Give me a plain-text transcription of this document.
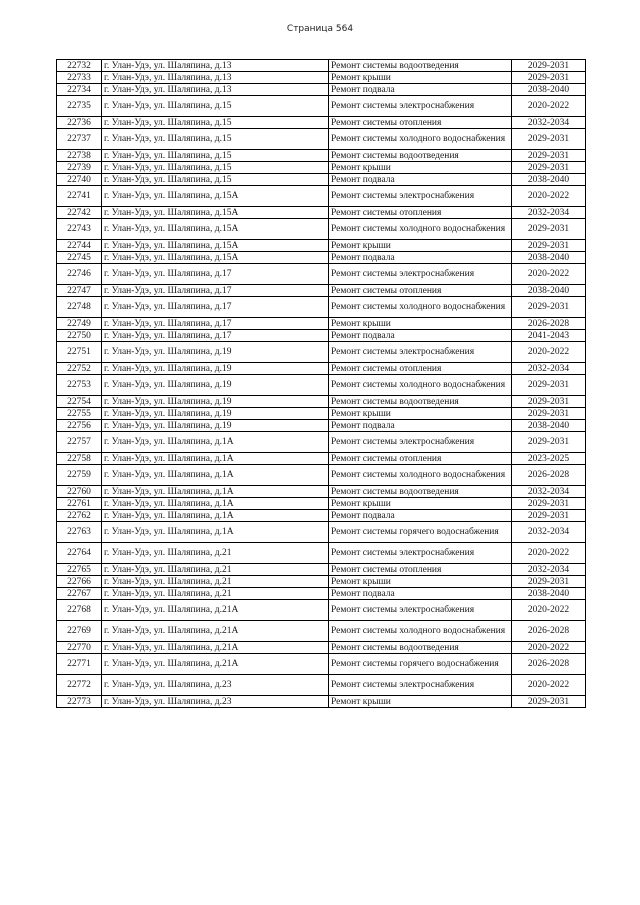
Страница 564
22732	г. Улан-Удэ, ул. Шаляпина, д.13	Ремонт системы водоотведения	2029-2031
22733	г. Улан-Удэ, ул. Шаляпина, д.13	Ремонт крыши	2029-2031
22734	г. Улан-Удэ, ул. Шаляпина, д.13	Ремонт подвала	2038-2040
22735	г. Улан-Удэ, ул. Шаляпина, д.15	Ремонт системы электроснабжения	2020-2022
22736	г. Улан-Удэ, ул. Шаляпина, д.15	Ремонт системы отопления	2032-2034
22737	г. Улан-Удэ, ул. Шаляпина, д.15	Ремонт системы холодного водоснабжения	2029-2031
22738	г. Улан-Удэ, ул. Шаляпина, д.15	Ремонт системы водоотведения	2029-2031
22739	г. Улан-Удэ, ул. Шаляпина, д.15	Ремонт крыши	2029-2031
22740	г. Улан-Удэ, ул. Шаляпина, д.15	Ремонт подвала	2038-2040
22741	г. Улан-Удэ, ул. Шаляпина, д.15А	Ремонт системы электроснабжения	2020-2022
22742	г. Улан-Удэ, ул. Шаляпина, д.15А	Ремонт системы отопления	2032-2034
22743	г. Улан-Удэ, ул. Шаляпина, д.15А	Ремонт системы холодного водоснабжения	2029-2031
22744	г. Улан-Удэ, ул. Шаляпина, д.15А	Ремонт крыши	2029-2031
22745	г. Улан-Удэ, ул. Шаляпина, д.15А	Ремонт подвала	2038-2040
22746	г. Улан-Удэ, ул. Шаляпина, д.17	Ремонт системы электроснабжения	2020-2022
22747	г. Улан-Удэ, ул. Шаляпина, д.17	Ремонт системы отопления	2038-2040
22748	г. Улан-Удэ, ул. Шаляпина, д.17	Ремонт системы холодного водоснабжения	2029-2031
22749	г. Улан-Удэ, ул. Шаляпина, д.17	Ремонт крыши	2026-2028
22750	г. Улан-Удэ, ул. Шаляпина, д.17	Ремонт подвала	2041-2043
22751	г. Улан-Удэ, ул. Шаляпина, д.19	Ремонт системы электроснабжения	2020-2022
22752	г. Улан-Удэ, ул. Шаляпина, д.19	Ремонт системы отопления	2032-2034
22753	г. Улан-Удэ, ул. Шаляпина, д.19	Ремонт системы холодного водоснабжения	2029-2031
22754	г. Улан-Удэ, ул. Шаляпина, д.19	Ремонт системы водоотведения	2029-2031
22755	г. Улан-Удэ, ул. Шаляпина, д.19	Ремонт крыши	2029-2031
22756	г. Улан-Удэ, ул. Шаляпина, д.19	Ремонт подвала	2038-2040
22757	г. Улан-Удэ, ул. Шаляпина, д.1А	Ремонт системы электроснабжения	2029-2031
22758	г. Улан-Удэ, ул. Шаляпина, д.1А	Ремонт системы отопления	2023-2025
22759	г. Улан-Удэ, ул. Шаляпина, д.1А	Ремонт системы холодного водоснабжения	2026-2028
22760	г. Улан-Удэ, ул. Шаляпина, д.1А	Ремонт системы водоотведения	2032-2034
22761	г. Улан-Удэ, ул. Шаляпина, д.1А	Ремонт крыши	2029-2031
22762	г. Улан-Удэ, ул. Шаляпина, д.1А	Ремонт подвала	2029-2031
22763	г. Улан-Удэ, ул. Шаляпина, д.1А	Ремонт системы горячего водоснабжения	2032-2034
22764	г. Улан-Удэ, ул. Шаляпина, д.21	Ремонт системы электроснабжения	2020-2022
22765	г. Улан-Удэ, ул. Шаляпина, д.21	Ремонт системы отопления	2032-2034
22766	г. Улан-Удэ, ул. Шаляпина, д.21	Ремонт крыши	2029-2031
22767	г. Улан-Удэ, ул. Шаляпина, д.21	Ремонт подвала	2038-2040
22768	г. Улан-Удэ, ул. Шаляпина, д.21А	Ремонт системы электроснабжения	2020-2022
22769	г. Улан-Удэ, ул. Шаляпина, д.21А	Ремонт системы холодного водоснабжения	2026-2028
22770	г. Улан-Удэ, ул. Шаляпина, д.21А	Ремонт системы водоотведения	2020-2022
22771	г. Улан-Удэ, ул. Шаляпина, д.21А	Ремонт системы горячего водоснабжения	2026-2028
22772	г. Улан-Удэ, ул. Шаляпина, д.23	Ремонт системы электроснабжения	2020-2022
22773	г. Улан-Удэ, ул. Шаляпина, д.23	Ремонт крыши	2029-2031
